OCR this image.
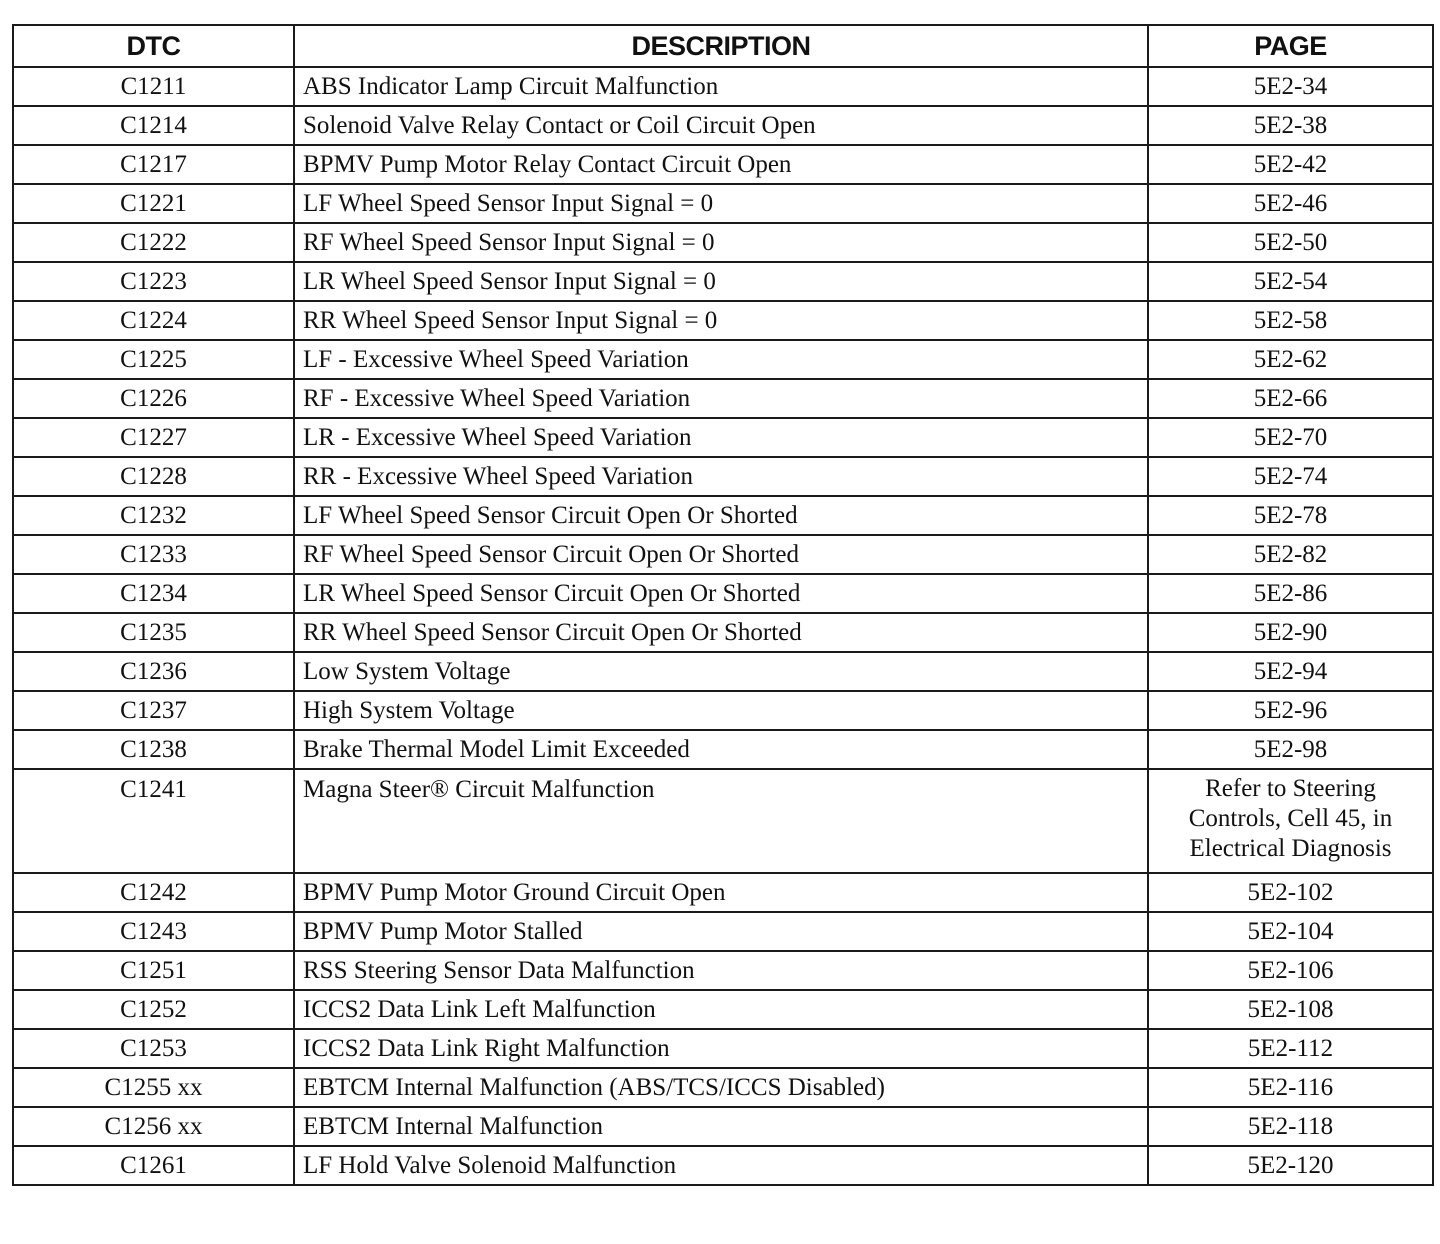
DTC	DESCRIPTION	PAGE
C1211	ABS Indicator Lamp Circuit Malfunction	5E2-34
C1214	Solenoid Valve Relay Contact or Coil Circuit Open	5E2-38
C1217	BPMV Pump Motor Relay Contact Circuit Open	5E2-42
C1221	LF Wheel Speed Sensor Input Signal = 0	5E2-46
C1222	RF Wheel Speed Sensor Input Signal = 0	5E2-50
C1223	LR Wheel Speed Sensor Input Signal = 0	5E2-54
C1224	RR Wheel Speed Sensor Input Signal = 0	5E2-58
C1225	LF - Excessive Wheel Speed Variation	5E2-62
C1226	RF - Excessive Wheel Speed Variation	5E2-66
C1227	LR - Excessive Wheel Speed Variation	5E2-70
C1228	RR - Excessive Wheel Speed Variation	5E2-74
C1232	LF Wheel Speed Sensor Circuit Open Or Shorted	5E2-78
C1233	RF Wheel Speed Sensor Circuit Open Or Shorted	5E2-82
C1234	LR Wheel Speed Sensor Circuit Open Or Shorted	5E2-86
C1235	RR Wheel Speed Sensor Circuit Open Or Shorted	5E2-90
C1236	Low System Voltage	5E2-94
C1237	High System Voltage	5E2-96
C1238	Brake Thermal Model Limit Exceeded	5E2-98
C1241	Magna Steer® Circuit Malfunction	Refer to Steering Controls, Cell 45, in Electrical Diagnosis
C1242	BPMV Pump Motor Ground Circuit Open	5E2-102
C1243	BPMV Pump Motor Stalled	5E2-104
C1251	RSS Steering Sensor Data Malfunction	5E2-106
C1252	ICCS2 Data Link Left Malfunction	5E2-108
C1253	ICCS2 Data Link Right Malfunction	5E2-112
C1255 xx	EBTCM Internal Malfunction (ABS/TCS/ICCS Disabled)	5E2-116
C1256 xx	EBTCM Internal Malfunction	5E2-118
C1261	LF Hold Valve Solenoid Malfunction	5E2-120
